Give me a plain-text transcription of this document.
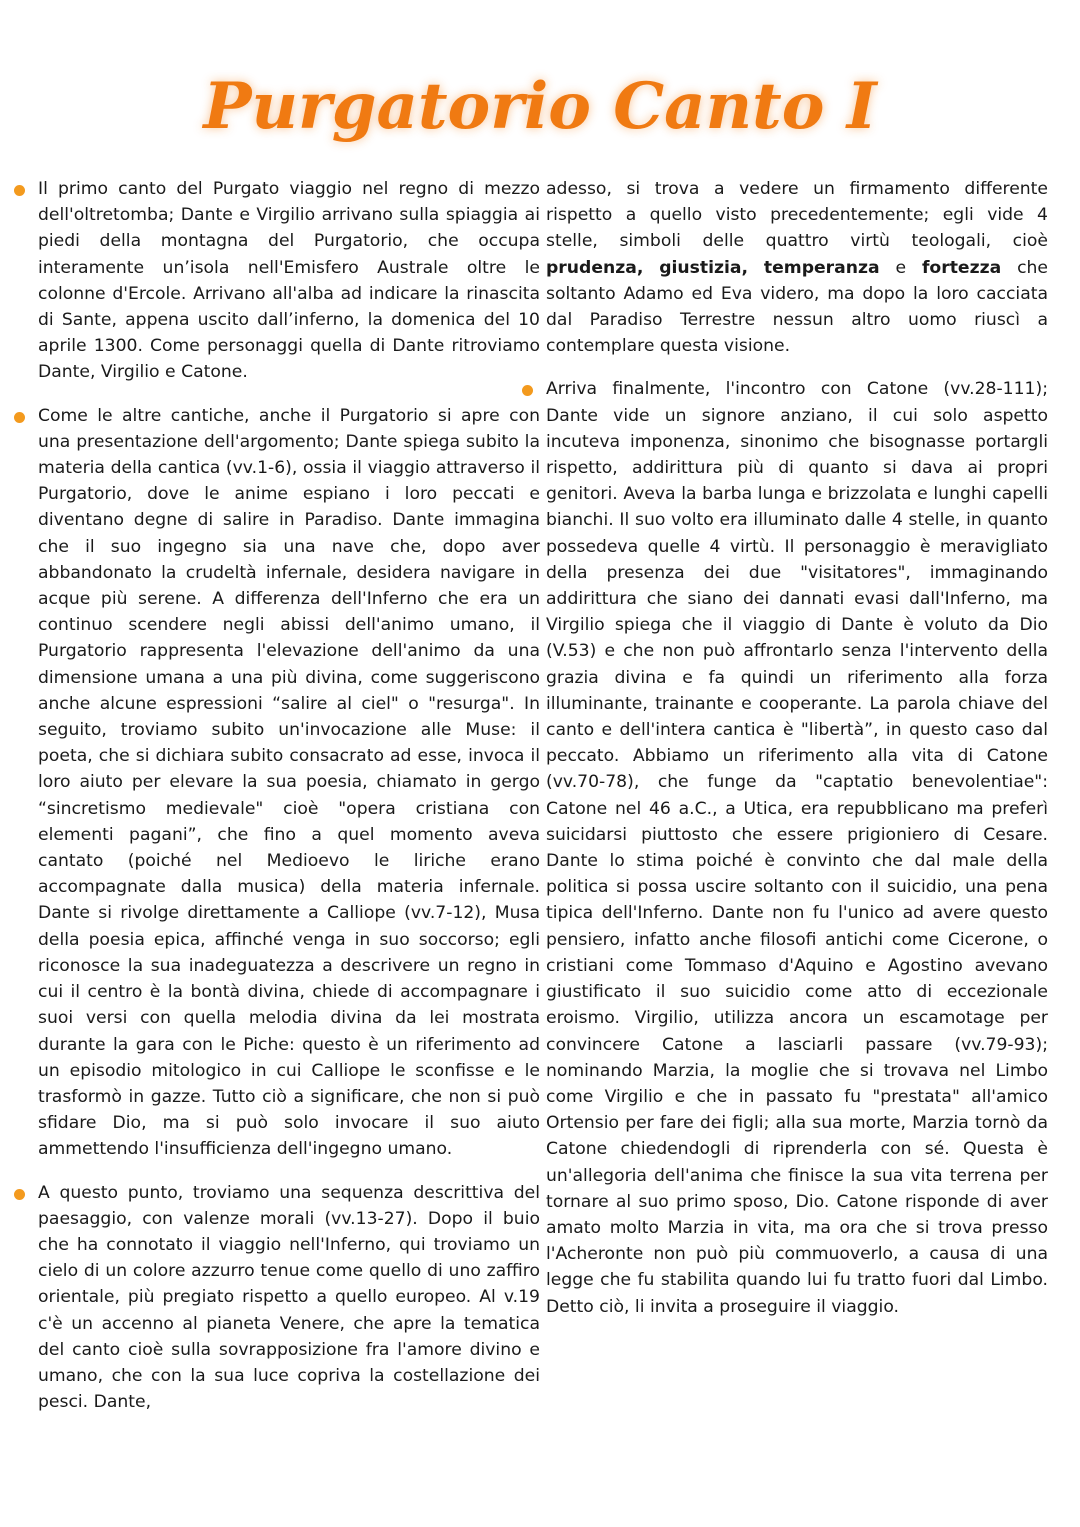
Purgatorio Canto I

Il primo canto del Purgato viaggio nel regno di mezzo dell'oltretomba; Dante e Virgilio arrivano sulla spiaggia ai piedi della montagna del Purgatorio, che occupa interamente un’isola nell'Emisfero Australe oltre le colonne d'Ercole. Arrivano all'alba ad indicare la rinascita di Sante, appena uscito dall’inferno, la domenica del 10 aprile 1300. Come personaggi quella di Dante ritroviamo Dante, Virgilio e Catone.

Come le altre cantiche, anche il Purgatorio si apre con una presentazione dell'argomento; Dante spiega subito la materia della cantica (vv.1-6), ossia il viaggio attraverso il Purgatorio, dove le anime espiano i loro peccati e diventano degne di salire in Paradiso. Dante immagina che il suo ingegno sia una nave che, dopo aver abbandonato la crudeltà infernale, desidera navigare in acque più serene. A differenza dell'Inferno che era un continuo scendere negli abissi dell'animo umano, il Purgatorio rappresenta l'elevazione dell'animo da una dimensione umana a una più divina, come suggeriscono anche alcune espressioni “salire al ciel" o "resurga". In seguito, troviamo subito un'invocazione alle Muse: il poeta, che si dichiara subito consacrato ad esse, invoca il loro aiuto per elevare la sua poesia, chiamato in gergo “sincretismo medievale" cioè "opera cristiana con elementi pagani”, che fino a quel momento aveva cantato (poiché nel Medioevo le liriche erano accompagnate dalla musica) della materia infernale. Dante si rivolge direttamente a Calliope (vv.7-12), Musa della poesia epica, affinché venga in suo soccorso; egli riconosce la sua inadeguatezza a descrivere un regno in cui il centro è la bontà divina, chiede di accompagnare i suoi versi con quella melodia divina da lei mostrata durante la gara con le Piche: questo è un riferimento ad un episodio mitologico in cui Calliope le sconfisse e le trasformò in gazze. Tutto ciò a significare, che non si può sfidare Dio, ma si può solo invocare il suo aiuto ammettendo l'insufficienza dell'ingegno umano.

A questo punto, troviamo una sequenza descrittiva del paesaggio, con valenze morali (vv.13-27). Dopo il buio che ha connotato il viaggio nell'Inferno, qui troviamo un cielo di un colore azzurro tenue come quello di uno zaffiro orientale, più pregiato rispetto a quello europeo. Al v.19 c'è un accenno al pianeta Venere, che apre la tematica del canto cioè sulla sovrapposizione fra l'amore divino e umano, che con la sua luce copriva la costellazione dei pesci. Dante,

adesso, si trova a vedere un firmamento differente rispetto a quello visto precedentemente; egli vide 4 stelle, simboli delle quattro virtù teologali, cioè prudenza, giustizia, temperanza e fortezza che soltanto Adamo ed Eva videro, ma dopo la loro cacciata dal Paradiso Terrestre nessun altro uomo riuscì a contemplare questa visione.

Arriva finalmente, l'incontro con Catone (vv.28-111); Dante vide un signore anziano, il cui solo aspetto incuteva imponenza, sinonimo che bisognasse portargli rispetto, addirittura più di quanto si dava ai propri genitori. Aveva la barba lunga e brizzolata e lunghi capelli bianchi. Il suo volto era illuminato dalle 4 stelle, in quanto possedeva quelle 4 virtù. Il personaggio è meravigliato della presenza dei due "visitatores", immaginando addirittura che siano dei dannati evasi dall'Inferno, ma Virgilio spiega che il viaggio di Dante è voluto da Dio (V.53) e che non può affrontarlo senza l'intervento della grazia divina e fa quindi un riferimento alla forza illuminante, trainante e cooperante. La parola chiave del canto e dell'intera cantica è "libertà”, in questo caso dal peccato. Abbiamo un riferimento alla vita di Catone (vv.70-78), che funge da "captatio benevolentiae": Catone nel 46 a.C., a Utica, era repubblicano ma preferì suicidarsi piuttosto che essere prigioniero di Cesare. Dante lo stima poiché è convinto che dal male della politica si possa uscire soltanto con il suicidio, una pena tipica dell'Inferno. Dante non fu l'unico ad avere questo pensiero, infatto anche filosofi antichi come Cicerone, o cristiani come Tommaso d'Aquino e Agostino avevano giustificato il suo suicidio come atto di eccezionale eroismo. Virgilio, utilizza ancora un escamotage per convincere Catone a lasciarli passare (vv.79-93); nominando Marzia, la moglie che si trovava nel Limbo come Virgilio e che in passato fu "prestata" all'amico Ortensio per fare dei figli; alla sua morte, Marzia tornò da Catone chiedendogli di riprenderla con sé. Questa è un'allegoria dell'anima che finisce la sua vita terrena per tornare al suo primo sposo, Dio. Catone risponde di aver amato molto Marzia in vita, ma ora che si trova presso l'Acheronte non può più commuoverlo, a causa di una legge che fu stabilita quando lui fu tratto fuori dal Limbo. Detto ciò, li invita a proseguire il viaggio.
